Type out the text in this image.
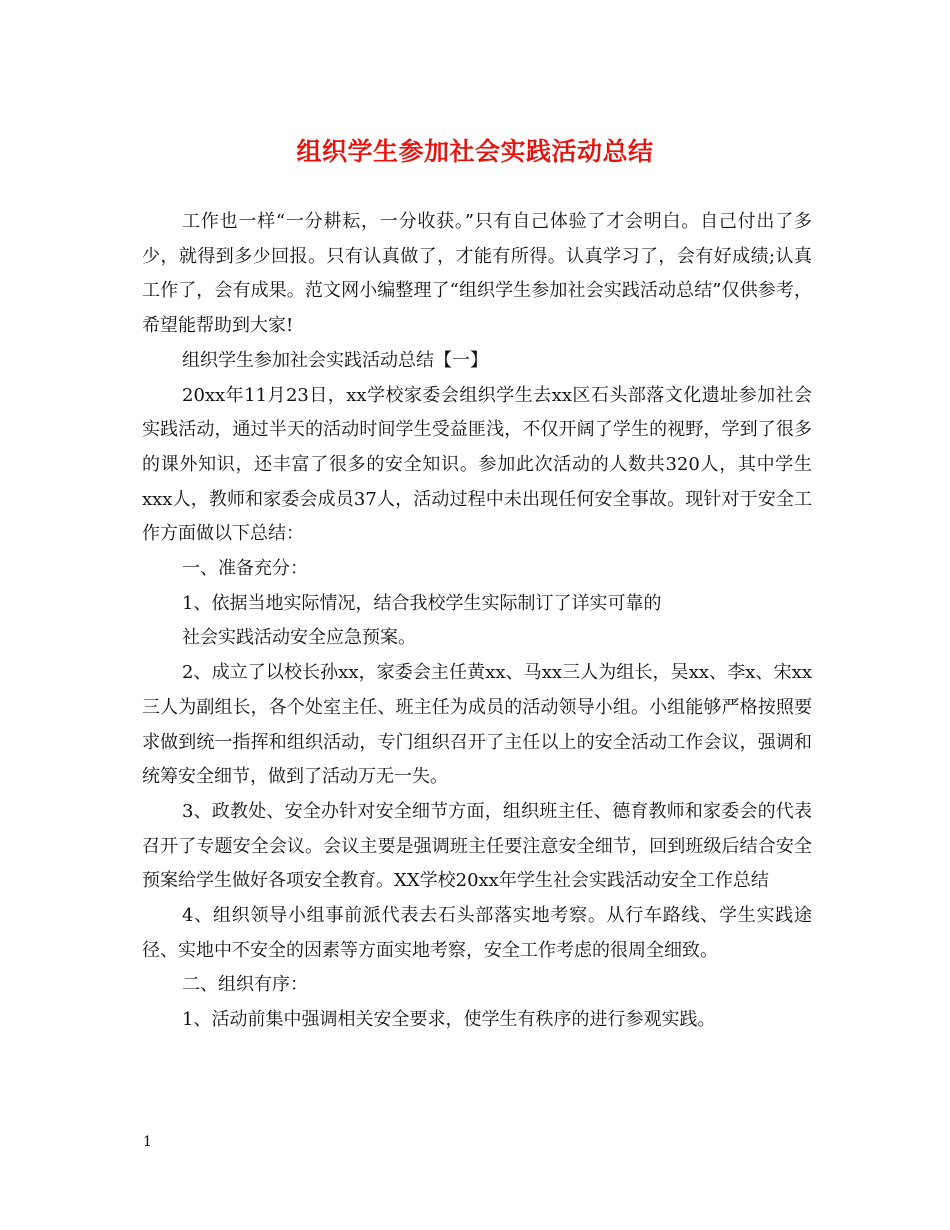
组织学生参加社会实践活动总结

工作也一样“一分耕耘，一分收获。”只有自己体验了才会明白。自己付出了多少，就得到多少回报。只有认真做了，才能有所得。认真学习了，会有好成绩;认真工作了，会有成果。范文网小编整理了“组织学生参加社会实践活动总结”仅供参考，希望能帮助到大家!

组织学生参加社会实践活动总结【一】

20xx年11月23日，xx学校家委会组织学生去xx区石头部落文化遗址参加社会实践活动，通过半天的活动时间学生受益匪浅，不仅开阔了学生的视野，学到了很多的课外知识，还丰富了很多的安全知识。参加此次活动的人数共320人，其中学生xxx人，教师和家委会成员37人，活动过程中未出现任何安全事故。现针对于安全工作方面做以下总结：

一、准备充分：

1、依据当地实际情况，结合我校学生实际制订了详实可靠的

社会实践活动安全应急预案。

2、成立了以校长孙xx，家委会主任黄xx、马xx三人为组长，吴xx、李x、宋xx三人为副组长，各个处室主任、班主任为成员的活动领导小组。小组能够严格按照要求做到统一指挥和组织活动，专门组织召开了主任以上的安全活动工作会议，强调和统筹安全细节，做到了活动万无一失。

3、政教处、安全办针对安全细节方面，组织班主任、德育教师和家委会的代表召开了专题安全会议。会议主要是强调班主任要注意安全细节，回到班级后结合安全预案给学生做好各项安全教育。XX学校20xx年学生社会实践活动安全工作总结

4、组织领导小组事前派代表去石头部落实地考察。从行车路线、学生实践途径、实地中不安全的因素等方面实地考察，安全工作考虑的很周全细致。

二、组织有序：

1、活动前集中强调相关安全要求，使学生有秩序的进行参观实践。

1
